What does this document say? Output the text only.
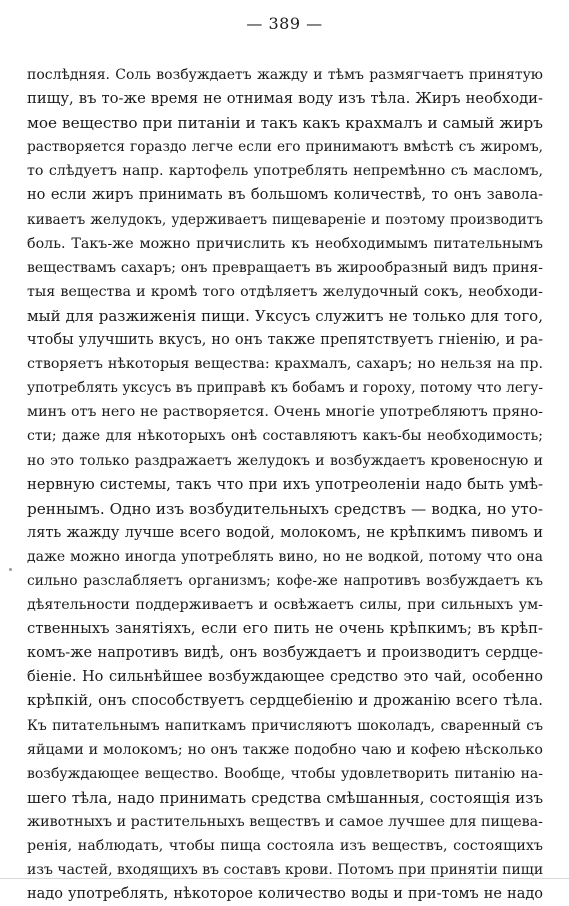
— 389 —
послѣдняя. Соль возбуждаетъ жажду и тѣмъ размягчаетъ принятую
пищу, въ то-же время не отнимая воду изъ тѣла. Жиръ необходи-
мое вещество при питаніи и такъ какъ крахмалъ и самый жиръ
растворяется гораздо легче если его принимаютъ вмѣстѣ съ жиромъ,
то слѣдуетъ напр. картофель употреблять непремѣнно съ масломъ,
но если жиръ принимать въ большомъ количествѣ, то онъ завола-
киваетъ желудокъ, удерживаетъ пищевареніе и поэтому производитъ
боль. Такъ-же можно причислить къ необходимымъ питательнымъ
веществамъ сахаръ; онъ превращаетъ въ жирообразный видъ приня-
тыя вещества и кромѣ того отдѣляетъ желудочный сокъ, необходи-
мый для разжиженія пищи. Уксусъ служитъ не только для того,
чтобы улучшить вкусъ, но онъ также препятствуетъ гніенію, и ра-
створяетъ нѣкоторыя вещества: крахмалъ, сахаръ; но нельзя на пр.
употреблять уксусъ въ приправѣ къ бобамъ и гороху, потому что легу-
минъ отъ него не растворяется. Очень многіе употребляютъ пряно-
сти; даже для нѣкоторыхъ онѣ составляютъ какъ-бы необходимость;
но это только раздражаетъ желудокъ и возбуждаетъ кровеносную и
нервную системы, такъ что при ихъ употреоленіи надо быть умѣ-
реннымъ. Одно изъ возбудительныхъ средствъ — водка, но уто-
лять жажду лучше всего водой, молокомъ, не крѣпкимъ пивомъ и
даже можно иногда употреблять вино, но не водкой, потому что она
сильно разслабляетъ организмъ; кофе-же напротивъ возбуждаетъ къ
дѣятельности поддерживаетъ и освѣжаетъ силы, при сильныхъ ум-
ственныхъ занятіяхъ, если его пить не очень крѣпкимъ; въ крѣп-
комъ-же напротивъ видѣ, онъ возбуждаетъ и производитъ сердце-
біеніе. Но сильнѣйшее возбуждающее средство это чай, особенно
крѣпкій, онъ способствуетъ сердцебіенію и дрожанію всего тѣла.
Къ питательнымъ напиткамъ причисляютъ шоколадъ, сваренный съ
яйцами и молокомъ; но онъ также подобно чаю и кофею нѣсколько
возбуждающее вещество. Вообще, чтобы удовлетворить питанію на-
шего тѣла, надо принимать средства смѣшанныя, состоящія изъ
животныхъ и растительныхъ веществъ и самое лучшее для пищева-
ренія, наблюдать, чтобы пища состояла изъ веществъ, состоящихъ
изъ частей, входящихъ въ составъ крови. Потомъ при принятіи пищи
надо употреблять, нѣкоторое количество воды и при-томъ не надо
